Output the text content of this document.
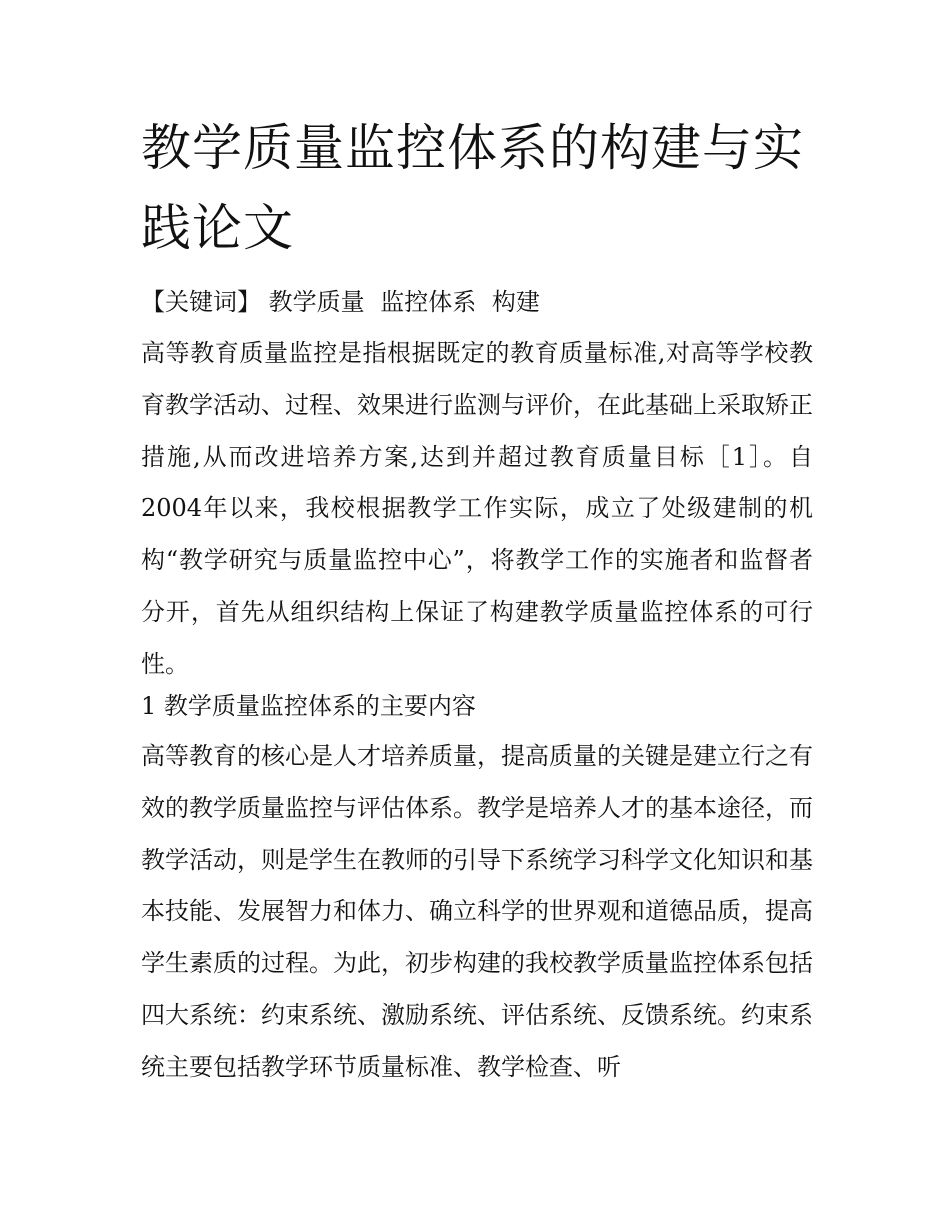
教学质量监控体系的构建与实践论文
【关键词】 教学质量 监控体系 构建

高等教育质量监控是指根据既定的教育质量标准,对高等学校教育教学活动、过程、效果进行监测与评价，在此基础上采取矫正措施,从而改进培养方案,达到并超过教育质量目标［1］。自2004年以来，我校根据教学工作实际，成立了处级建制的机构“教学研究与质量监控中心”，将教学工作的实施者和监督者分开，首先从组织结构上保证了构建教学质量监控体系的可行性。

1 教学质量监控体系的主要内容

高等教育的核心是人才培养质量，提高质量的关键是建立行之有效的教学质量监控与评估体系。教学是培养人才的基本途径，而教学活动，则是学生在教师的引导下系统学习科学文化知识和基本技能、发展智力和体力、确立科学的世界观和道德品质，提高学生素质的过程。为此，初步构建的我校教学质量监控体系包括四大系统：约束系统、激励系统、评估系统、反馈系统。约束系统主要包括教学环节质量标准、教学检查、听
